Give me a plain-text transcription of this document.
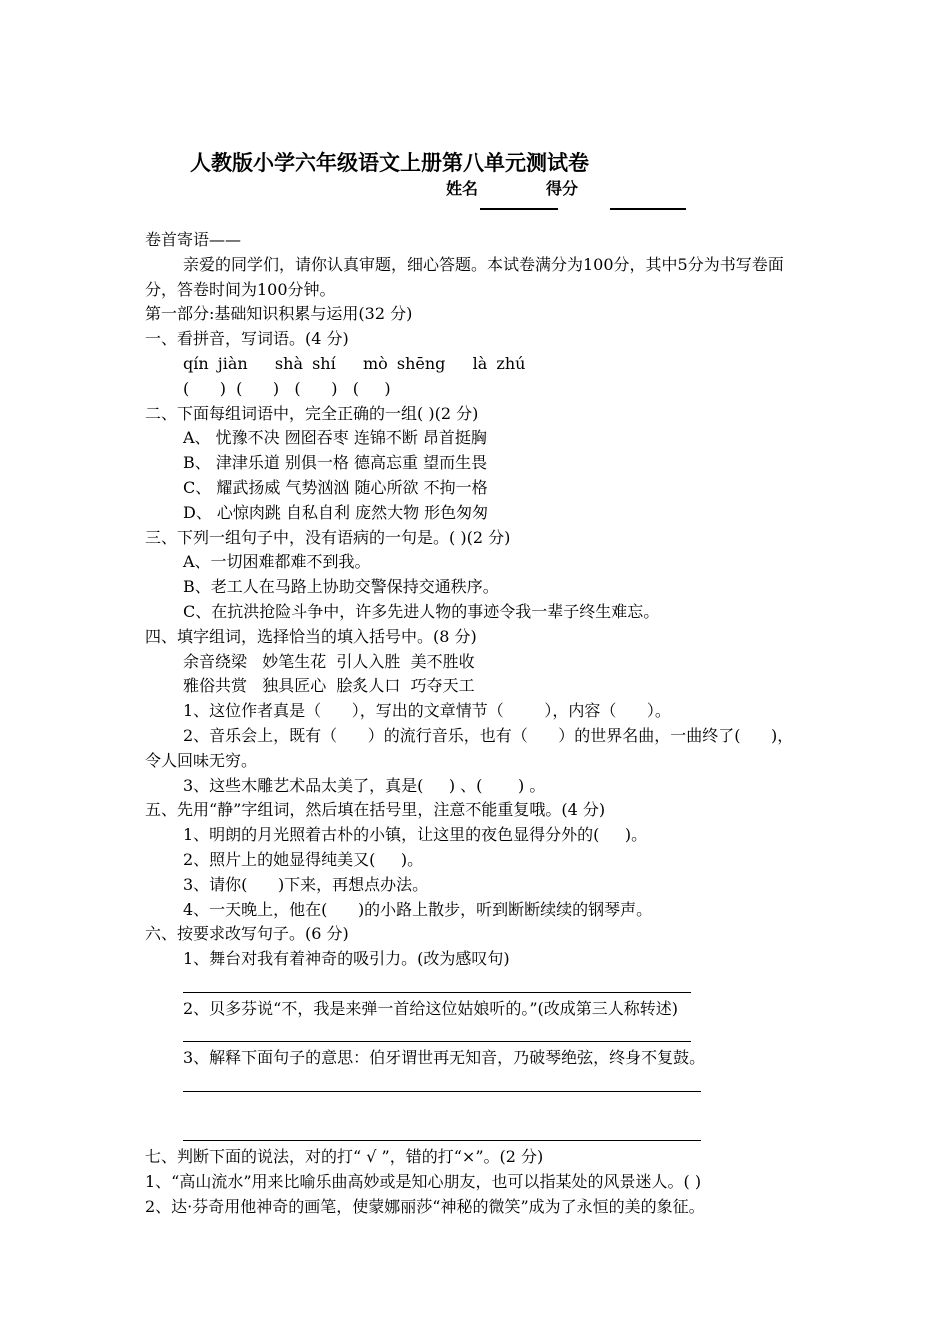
人教版小学六年级语文上册第八单元测试卷
姓名	得分
卷首寄语——
亲爱的同学们，请你认真审题，细心答题。本试卷满分为100分，其中5分为书写卷面分，答卷时间为100分钟。
第一部分:基础知识积累与运用(32 分)
一、看拼音，写词语。(4 分)
qín jiàn   shà shí   mò shēng   là zhú
(      )  (      )   (      )   (     )
二、下面每组词语中，完全正确的一组( )(2 分)
A、 忧豫不决 囫囵吞枣 连锦不断 昂首挺胸
B、 津津乐道 别俱一格 德高忘重 望而生畏
C、 耀武扬威 气势汹汹 随心所欲 不拘一格
D、 心惊肉跳 自私自利 庞然大物 形色匆匆
三、下列一组句子中，没有语病的一句是。( )(2 分)
A、一切困难都难不到我。
B、老工人在马路上协助交警保持交通秩序。
C、在抗洪抢险斗争中，许多先进人物的事迹令我一辈子终生难忘。
四、填字组词，选择恰当的填入括号中。(8 分)
余音绕梁   妙笔生花  引人入胜  美不胜收
雅俗共赏   独具匠心  脍炙人口  巧夺天工
1、这位作者真是（      ），写出的文章情节（        ），内容（      ）。
2、音乐会上，既有（      ）的流行音乐，也有（      ）的世界名曲，一曲终了(      )，
令人回味无穷。
3、这些木雕艺术品太美了，真是(     ) 、(       ) 。
五、先用“静”字组词，然后填在括号里，注意不能重复哦。(4 分)
1、明朗的月光照着古朴的小镇，让这里的夜色显得分外的(     )。
2、照片上的她显得纯美又(     )。
3、请你(      )下来，再想点办法。
4、一天晚上，他在(      )的小路上散步，听到断断续续的钢琴声。
六、按要求改写句子。(6 分)
1、舞台对我有着神奇的吸引力。(改为感叹句)
2、贝多芬说“不，我是来弹一首给这位姑娘听的。”(改成第三人称转述)
3、解释下面句子的意思：伯牙谓世再无知音，乃破琴绝弦，终身不复鼓。
七、判断下面的说法，对的打“ √ ”，错的打“×”。(2 分)
1、“高山流水”用来比喻乐曲高妙或是知心朋友，也可以指某处的风景迷人。( )
2、达·芬奇用他神奇的画笔，使蒙娜丽莎“神秘的微笑”成为了永恒的美的象征。
